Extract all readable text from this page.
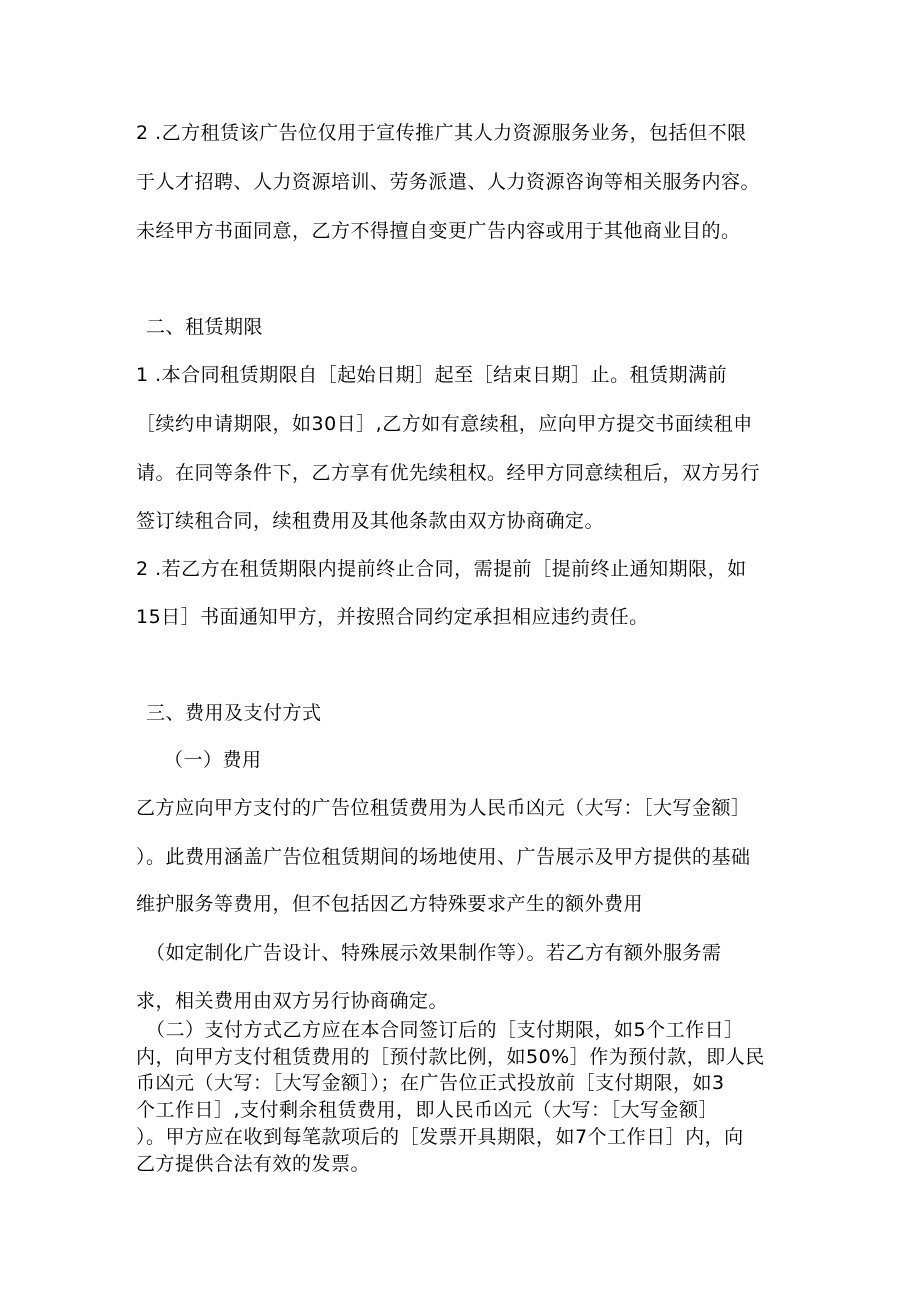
2 .乙方租赁该广告位仅用于宣传推广其人力资源服务业务，包括但不限
于人才招聘、人力资源培训、劳务派遣、人力资源咨询等相关服务内容。
未经甲方书面同意，乙方不得擅自变更广告内容或用于其他商业目的。
二、租赁期限
1 .本合同租赁期限自［起始日期］起至［结束日期］止。租赁期满前
［续约申请期限，如30日］,乙方如有意续租，应向甲方提交书面续租申
请。在同等条件下，乙方享有优先续租权。经甲方同意续租后，双方另行
签订续租合同，续租费用及其他条款由双方协商确定。
2 .若乙方在租赁期限内提前终止合同，需提前［提前终止通知期限，如
15日］书面通知甲方，并按照合同约定承担相应违约责任。
三、费用及支付方式
（一）费用
乙方应向甲方支付的广告位租赁费用为人民币凶元（大写：［大写金额］
）。此费用涵盖广告位租赁期间的场地使用、广告展示及甲方提供的基础
维护服务等费用，但不包括因乙方特殊要求产生的额外费用
（如定制化广告设计、特殊展示效果制作等）。若乙方有额外服务需
求，相关费用由双方另行协商确定。
（二）支付方式乙方应在本合同签订后的［支付期限，如5个工作日］
内，向甲方支付租赁费用的［预付款比例，如50%］作为预付款，即人民
币凶元（大写：［大写金额］）；在广告位正式投放前［支付期限，如3
个工作日］,支付剩余租赁费用，即人民币凶元（大写：［大写金额］
）。甲方应在收到每笔款项后的［发票开具期限，如7个工作日］内，向
乙方提供合法有效的发票。
